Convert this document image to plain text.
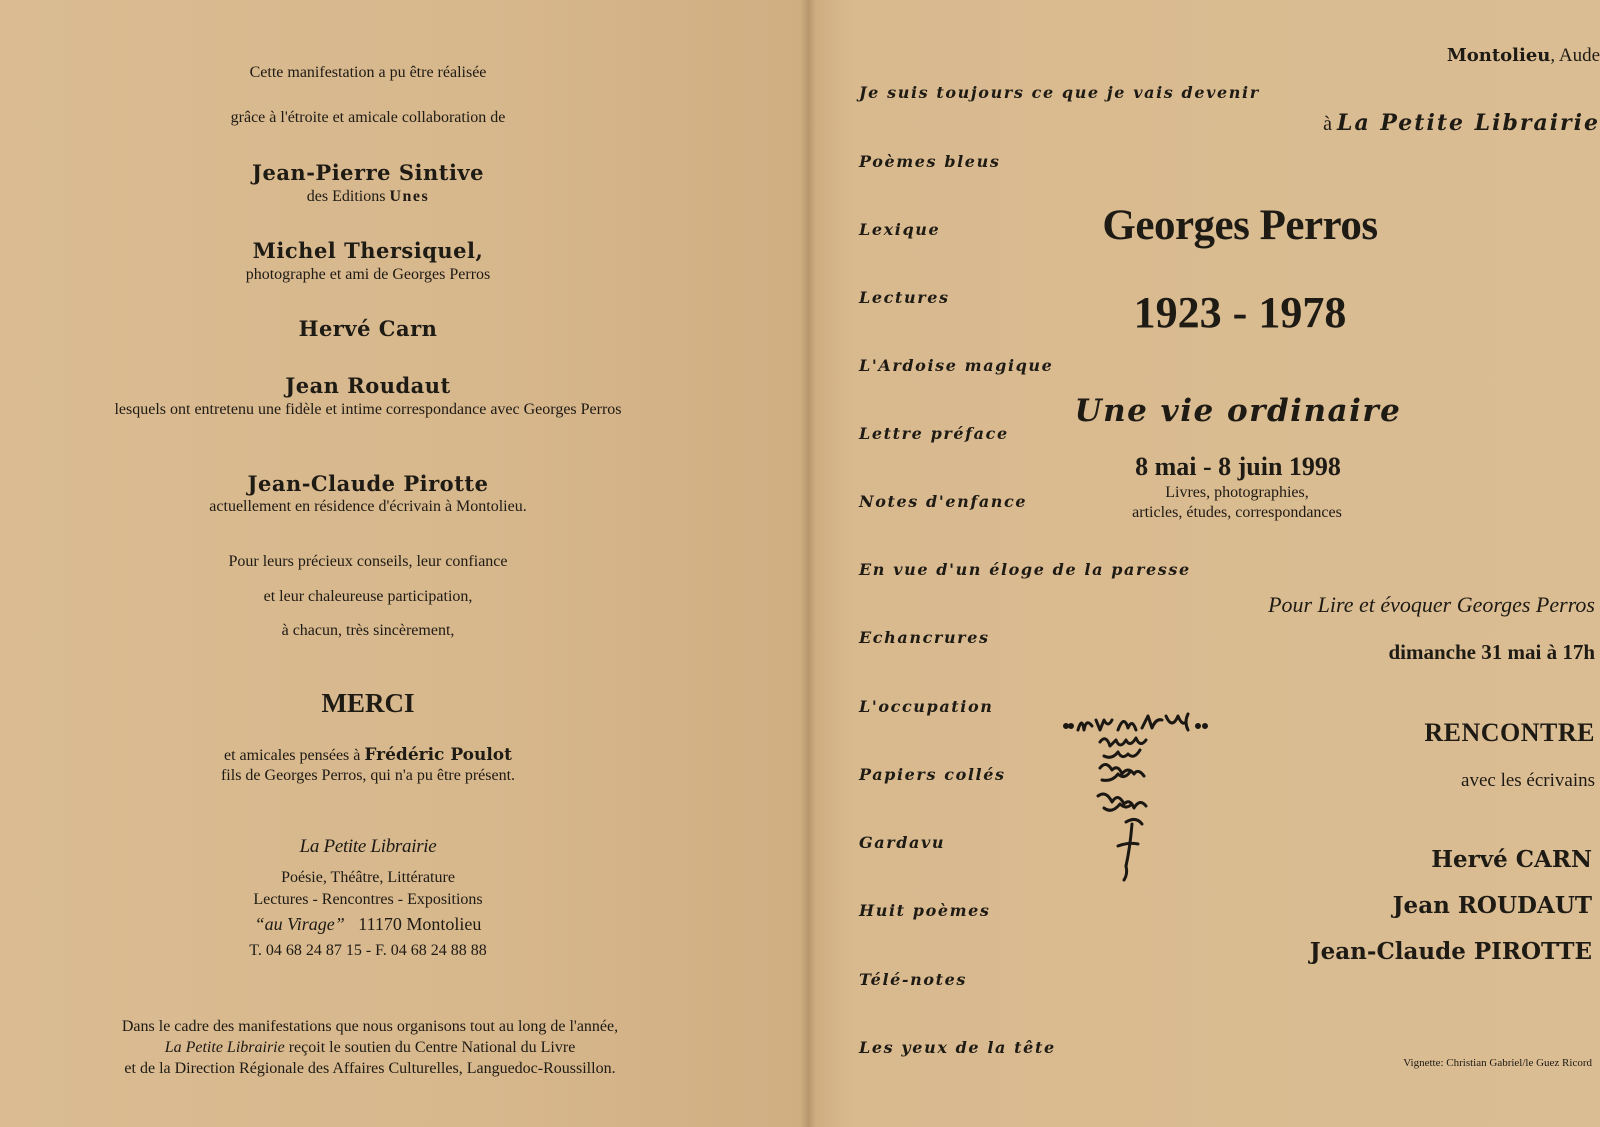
Cette manifestation a pu être réalisée
grâce à l'étroite et amicale collaboration de
Jean-Pierre Sintive
des Editions Unes
Michel Thersiquel,
photographe et ami de Georges Perros
Hervé Carn
Jean Roudaut
lesquels ont entretenu une fidèle et intime correspondance avec Georges Perros
Jean-Claude Pirotte
actuellement en résidence d'écrivain à Montolieu.
Pour leurs précieux conseils, leur confiance
et leur chaleureuse participation,
à chacun, très sincèrement,
MERCI
et amicales pensées à Frédéric Poulot
fils de Georges Perros, qui n'a pu être présent.
La Petite Librairie
Poésie, Théâtre, Littérature
Lectures - Rencontres - Expositions
“au Virage” 11170 Montolieu
T. 04 68 24 87 15 - F. 04 68 24 88 88
Dans le cadre des manifestations que nous organisons tout au long de l'année,
La Petite Librairie reçoit le soutien du Centre National du Livre
et de la Direction Régionale des Affaires Culturelles, Languedoc-Roussillon.
Montolieu, Aude
à La Petite Librairie
Je suis toujours ce que je vais devenir
Poèmes bleus
Lexique
Lectures
L'Ardoise magique
Lettre préface
Notes d'enfance
En vue d'un éloge de la paresse
Echancrures
L'occupation
Papiers collés
Gardavu
Huit poèmes
Télé-notes
Les yeux de la tête
Georges Perros
1923 - 1978
Une vie ordinaire
8 mai - 8 juin 1998
Livres, photographies,
articles, études, correspondances
Pour Lire et évoquer Georges Perros
dimanche 31 mai à 17h
RENCONTRE
avec les écrivains
Hervé CARN
Jean ROUDAUT
Jean-Claude PIROTTE
Vignette: Christian Gabriel/le Guez Ricord
